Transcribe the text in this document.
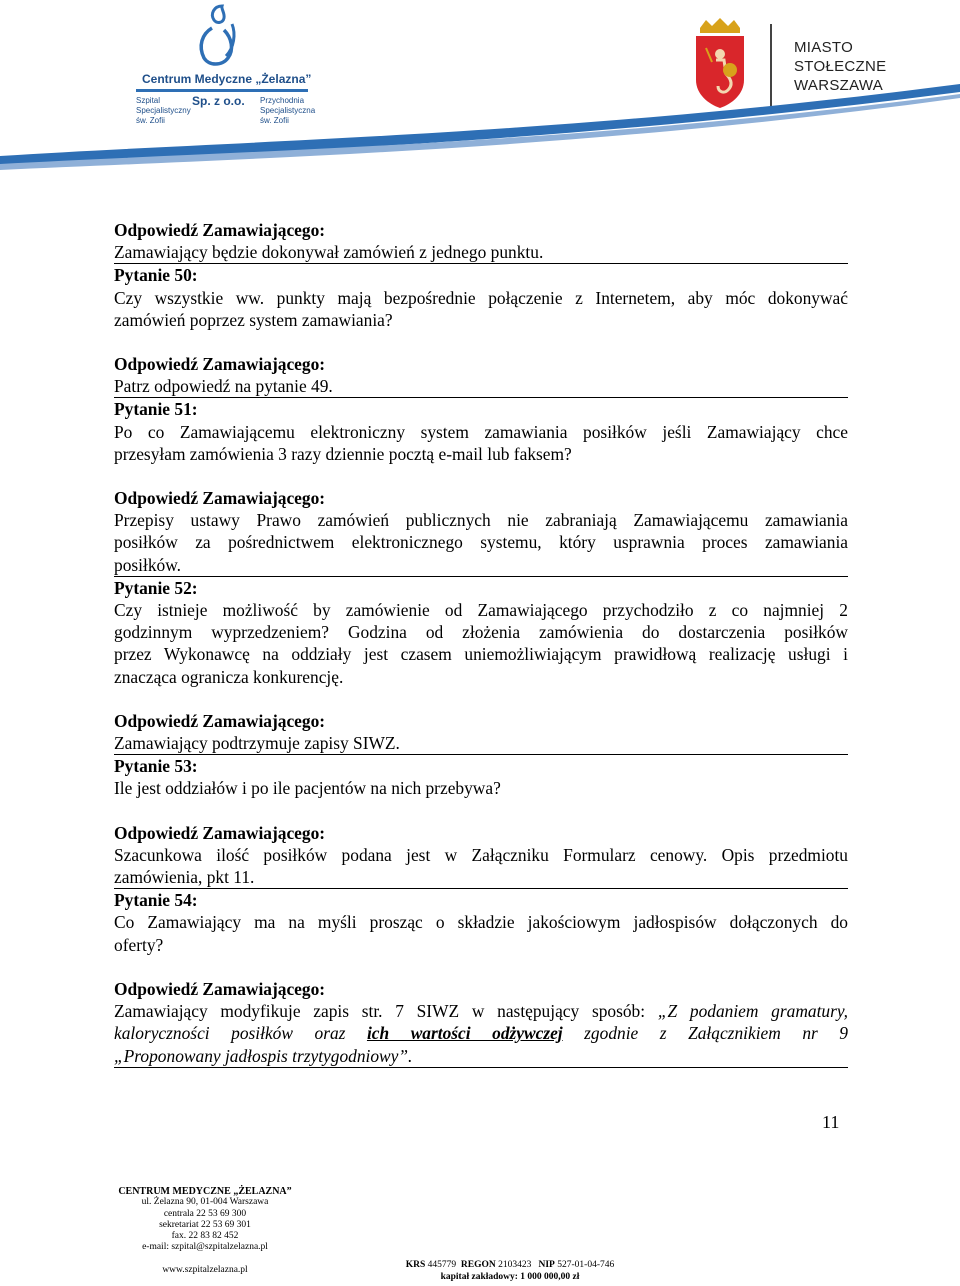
Centrum Medyczne „Żelazna”
Szpital
Specjalistyczny
św. Zofii
Sp. z o.o. Przychodnia
Specjalistyczna
św. Zofii
MIASTO
STOŁECZNE
WARSZAWA

Odpowiedź Zamawiającego:

Zamawiający będzie dokonywał zamówień z jednego punktu.

Pytanie 50:

Czy wszystkie ww. punkty mają bezpośrednie połączenie z Internetem, aby móc dokonywać

zamówień poprzez system zamawiania?

Odpowiedź Zamawiającego:

Patrz odpowiedź na pytanie 49.

Pytanie 51:

Po co Zamawiającemu elektroniczny system zamawiania posiłków jeśli Zamawiający chce

przesyłam zamówienia 3 razy dziennie pocztą e-mail lub faksem?

Odpowiedź Zamawiającego:

Przepisy ustawy Prawo zamówień publicznych nie zabraniają Zamawiającemu zamawiania

posiłków za pośrednictwem elektronicznego systemu, który usprawnia proces zamawiania

posiłków.

Pytanie 52:

Czy istnieje możliwość by zamówienie od Zamawiającego przychodziło z co najmniej 2

godzinnym wyprzedzeniem? Godzina od złożenia zamówienia do dostarczenia posiłków

przez Wykonawcę na oddziały jest czasem uniemożliwiającym prawidłową realizację usługi i

znacząca ogranicza konkurencję.

Odpowiedź Zamawiającego:

Zamawiający podtrzymuje zapisy SIWZ.

Pytanie 53:

Ile jest oddziałów i po ile pacjentów na nich przebywa?

Odpowiedź Zamawiającego:

Szacunkowa ilość posiłków podana jest w Załączniku Formularz cenowy. Opis przedmiotu

zamówienia, pkt 11.

Pytanie 54:

Co Zamawiający ma na myśli prosząc o składzie jakościowym jadłospisów dołączonych do

oferty?

Odpowiedź Zamawiającego:

Zamawiający modyfikuje zapis str. 7 SIWZ w następujący sposób: „Z podaniem gramatury,

kaloryczności posiłków oraz ich wartości odżywczej zgodnie z Załącznikiem nr 9

„Proponowany jadłospis trzytygodniowy”.

11
CENTRUM MEDYCZNE „ŻELAZNA”
ul. Żelazna 90, 01-004 Warszawa
centrala 22 53 69 300
sekretariat 22 53 69 301
fax. 22 83 82 452
e-mail: szpital@szpitalzelazna.pl
www.szpitalzelazna.pl	KRS 445779 REGON 2103423 NIP 527-01-04-746
kapitał zakładowy: 1 000 000,00 zł
